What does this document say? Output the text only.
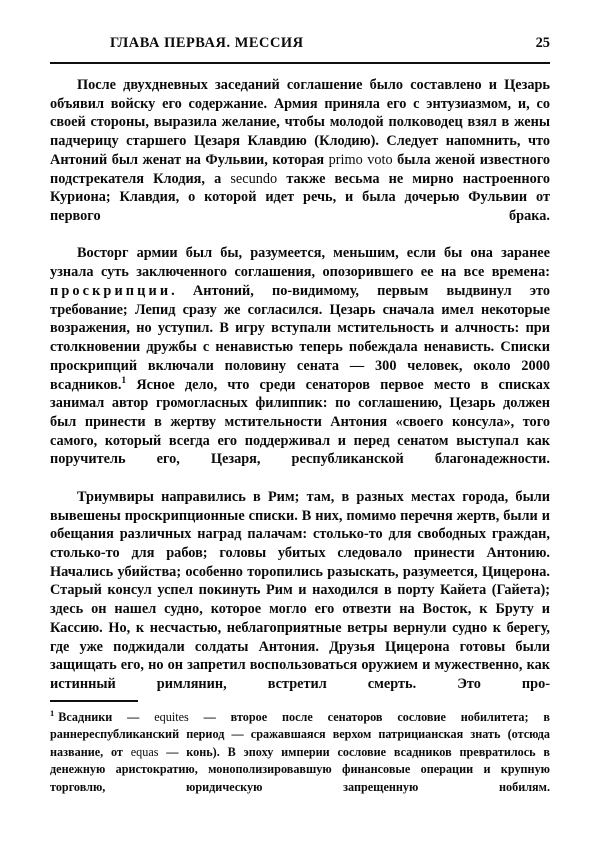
ГЛАВА ПЕРВАЯ. МЕССИЯ	25

После двухдневных заседаний соглашение было составлено и Цезарь объявил войску его содержание. Армия приняла его с энтузиазмом, и, со своей стороны, выразила желание, чтобы молодой полководец взял в жены падчерицу старшего Цезаря Клавдию (Клодию). Следует напомнить, что Антоний был женат на Фульвии, которая primo voto была женой известного подстрекателя Клодия, а secundo также весьма не мирно настроенного Куриона; Клавдия, о которой идет речь, и была дочерью Фульвии от первого брака.

Восторг армии был бы, разумеется, меньшим, если бы она заранее узнала суть заключенного соглашения, опозорившего ее на все времена: проскрипции. Антоний, по-видимому, первым выдвинул это требование; Лепид сразу же согласился. Цезарь сначала имел некоторые возражения, но уступил. В игру вступали мстительность и алчность: при столкновении дружбы с ненавистью теперь побеждала ненависть. Списки проскрипций включали половину сената — 300 человек, около 2000 всадников.$^1$ Ясное дело, что среди сенаторов первое место в списках занимал автор громогласных филиппик: по соглашению, Цезарь должен был принести в жертву мстительности Антония «своего консула», того самого, который всегда его поддерживал и перед сенатом выступал как поручитель его, Цезаря, республиканской благонадежности.

Триумвиры направились в Рим; там, в разных местах города, были вывешены проскрипционные списки. В них, помимо перечня жертв, были и обещания различных наград палачам: столько-то для свободных граждан, столько-то для рабов; головы убитых следовало принести Антонию. Начались убийства; особенно торопились разыскать, разумеется, Цицерона. Старый консул успел покинуть Рим и находился в порту Кайета (Гайета); здесь он нашел судно, которое могло его отвезти на Восток, к Бруту и Кассию. Но, к несчастью, неблагоприятные ветры вернули судно к берегу, где уже поджидали солдаты Антония. Друзья Цицерона готовы были защищать его, но он запретил воспользоваться оружием и мужественно, как истинный римлянин, встретил смерть. Это про-

$^1$ Всадники — equites — второе после сенаторов сословие нобилитета; в раннереспубликанский период — сражавшаяся верхом патрицианская знать (отсюда название, от equas — конь). В эпоху империи сословие всадников превратилось в денежную аристократию, монополизировавшую финансовые операции и крупную торговлю, юридическую запрещенную нобилям.
